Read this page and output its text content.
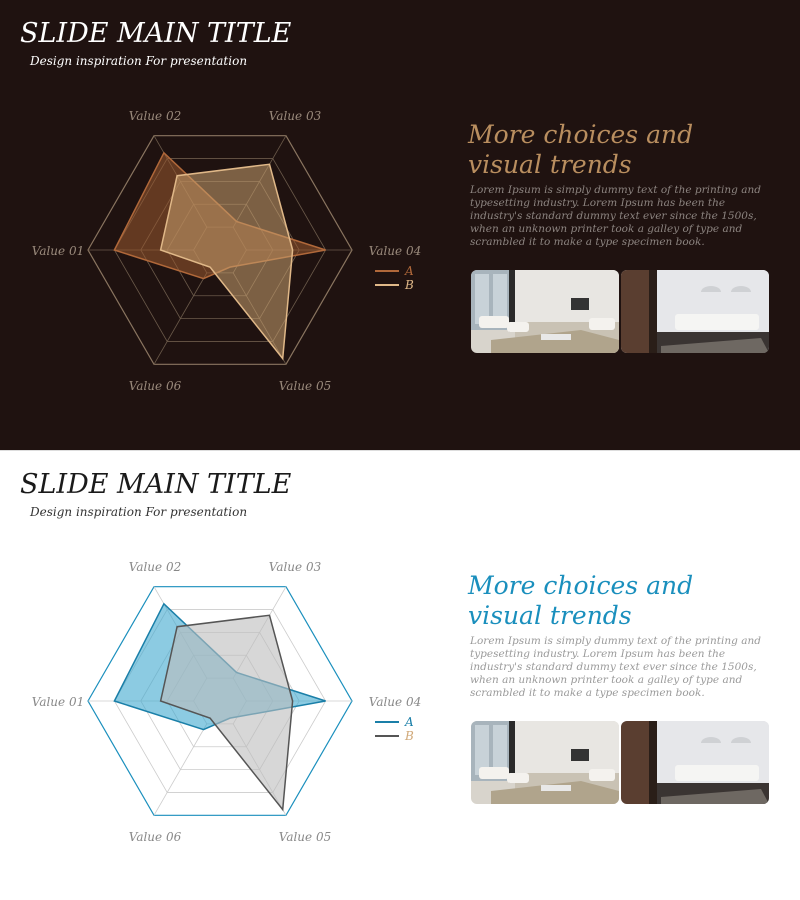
SLIDE MAIN TITLE
Design inspiration For presentation
Value 01
Value 02	Value 03
Value 04
Value 05
Value 06
A
B
More choices and
visual trends
Lorem Ipsum is simply dummy text of the printing and typesetting industry. Lorem Ipsum has been the industry's standard dummy text ever since the 1500s, when an unknown printer took a galley of type and scrambled it to make a type specimen book.
SLIDE MAIN TITLE
Design inspiration For presentation
Value 01
Value 02	Value 03
Value 04
Value 05
Value 06
A
B
More choices and
visual trends
Lorem Ipsum is simply dummy text of the printing and typesetting industry. Lorem Ipsum has been the industry's standard dummy text ever since the 1500s, when an unknown printer took a galley of type and scrambled it to make a type specimen book.
